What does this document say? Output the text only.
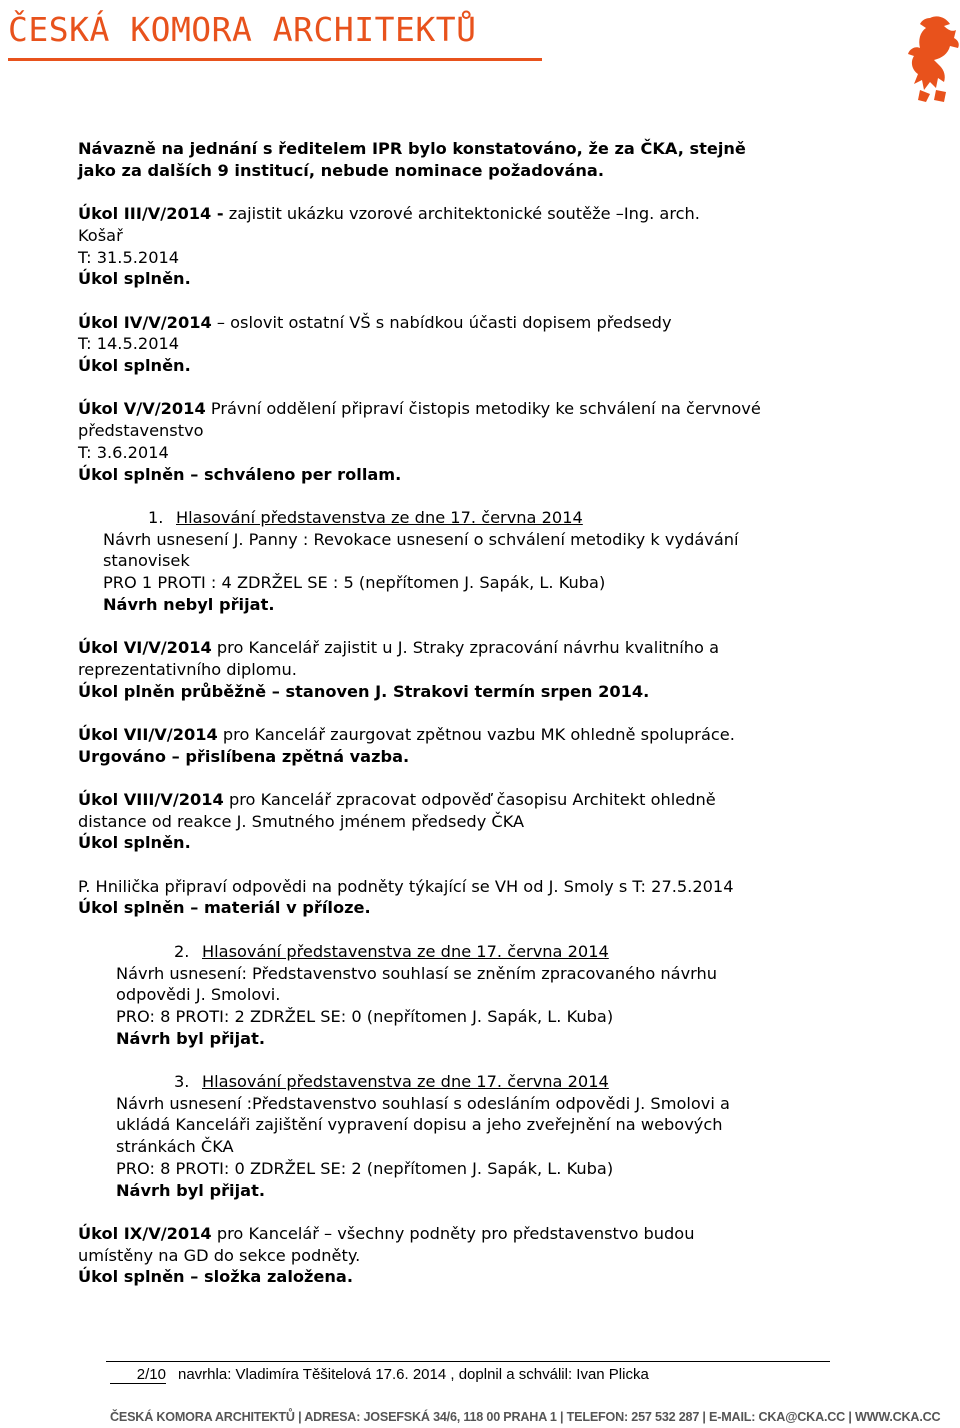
ČESKÁ KOMORA ARCHITEKTŮ
Návazně na jednání s ředitelem IPR bylo konstatováno, že za ČKA, stejně
jako za dalších 9 institucí, nebude nominace požadována.
Úkol III/V/2014 - zajistit ukázku vzorové architektonické soutěže –Ing. arch.
Košař
T: 31.5.2014
Úkol splněn.
Úkol IV/V/2014 – oslovit ostatní VŠ s nabídkou účasti dopisem předsedy
T: 14.5.2014
Úkol splněn.
Úkol V/V/2014 Právní oddělení připraví čistopis metodiky ke schválení na červnové
představenstvo
T: 3.6.2014
Úkol splněn – schváleno per rollam.
1. Hlasování představenstva ze dne 17. června 2014
Návrh usnesení J. Panny : Revokace usnesení o schválení metodiky k vydávání
stanovisek
PRO 1 PROTI : 4 ZDRŽEL SE : 5 (nepřítomen J. Sapák, L. Kuba)
Návrh nebyl přijat.
Úkol VI/V/2014 pro Kancelář zajistit u J. Straky zpracování návrhu kvalitního a
reprezentativního diplomu.
Úkol plněn průběžně – stanoven J. Strakovi termín srpen 2014.
Úkol VII/V/2014 pro Kancelář zaurgovat zpětnou vazbu MK ohledně spolupráce.
Urgováno – přislíbena zpětná vazba.
Úkol VIII/V/2014 pro Kancelář zpracovat odpověď časopisu Architekt ohledně
distance od reakce J. Smutného jménem předsedy ČKA
Úkol splněn.
P. Hnilička připraví odpovědi na podněty týkající se VH od J. Smoly s T: 27.5.2014
Úkol splněn – materiál v příloze.
2. Hlasování představenstva ze dne 17. června 2014
Návrh usnesení: Představenstvo souhlasí se zněním zpracovaného návrhu
odpovědi J. Smolovi.
PRO: 8 PROTI: 2 ZDRŽEL SE: 0 (nepřítomen J. Sapák, L. Kuba)
Návrh byl přijat.
3. Hlasování představenstva ze dne 17. června 2014
Návrh usnesení :Představenstvo souhlasí s odesláním odpovědi J. Smolovi a
ukládá Kanceláři zajištění vypravení dopisu a jeho zveřejnění na webových
stránkách ČKA
PRO: 8 PROTI: 0 ZDRŽEL SE: 2 (nepřítomen J. Sapák, L. Kuba)
Návrh byl přijat.
Úkol IX/V/2014 pro Kancelář – všechny podněty pro představenstvo budou
umístěny na GD do sekce podněty.
Úkol splněn – složka založena.
2/10 navrhla: Vladimíra Těšitelová 17.6. 2014 , doplnil a schválil: Ivan Plicka
ČESKÁ KOMORA ARCHITEKTŮ | ADRESA: JOSEFSKÁ 34/6, 118 00 PRAHA 1 | TELEFON: 257 532 287 | E-MAIL: CKA@CKA.CC | WWW.CKA.CC
